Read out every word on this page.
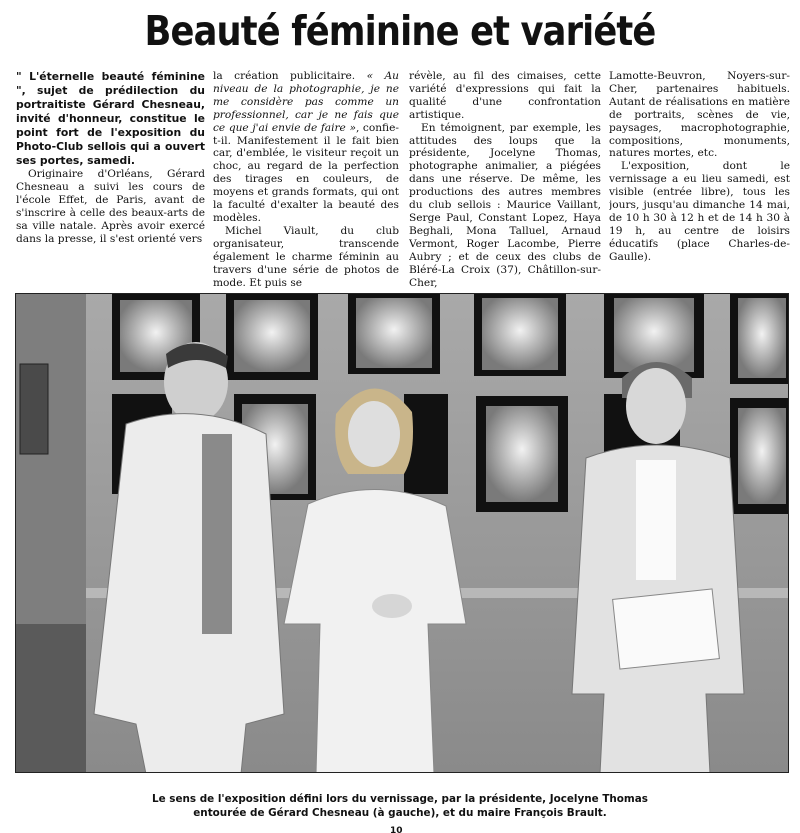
Beauté féminine et variété

" L'éternelle beauté féminine ", sujet de prédilection du portraitiste Gérard Chesneau, invité d'honneur, constitue le point fort de l'exposition du Photo-Club sellois qui a ouvert ses portes, samedi.

Originaire d'Orléans, Gérard Chesneau a suivi les cours de l'école Effet, de Paris, avant de s'inscrire à celle des beaux-arts de sa ville natale. Après avoir exercé dans la presse, il s'est orienté vers

la création publicitaire. « Au niveau de la photographie, je ne me considère pas comme un professionnel, car je ne fais que ce que j'ai envie de faire », confie-t-il. Manifestement il le fait bien car, d'emblée, le visiteur reçoit un choc, au regard de la perfection des tirages en couleurs, de moyens et grands formats, qui ont la faculté d'exalter la beauté des modèles.

Michel Viault, du club organisateur, transcende également le charme féminin au travers d'une série de photos de mode. Et puis se

révèle, au fil des cimaises, cette variété d'expressions qui fait la qualité d'une confrontation artistique.

En témoignent, par exemple, les attitudes des loups que la présidente, Jocelyne Thomas, photographe animalier, a piégées dans une réserve. De même, les productions des autres membres du club sellois : Maurice Vaillant, Serge Paul, Constant Lopez, Haya Beghali, Mona Talluel, Arnaud Vermont, Roger Lacombe, Pierre Aubry ; et de ceux des clubs de Bléré-La Croix (37), Châtillon-sur-Cher,

Lamotte-Beuvron, Noyers-sur-Cher, partenaires habituels. Autant de réalisations en matière de portraits, scènes de vie, paysages, macrophotographie, compositions, monuments, natures mortes, etc.

L'exposition, dont le vernissage a eu lieu samedi, est visible (entrée libre), tous les jours, jusqu'au dimanche 14 mai, de 10 h 30 à 12 h et de 14 h 30 à 19 h, au centre de loisirs éducatifs (place Charles-de-Gaulle).

Le sens de l'exposition défini lors du vernissage, par la présidente, Jocelyne Thomas
entourée de Gérard Chesneau (à gauche), et du maire François Brault.
10
